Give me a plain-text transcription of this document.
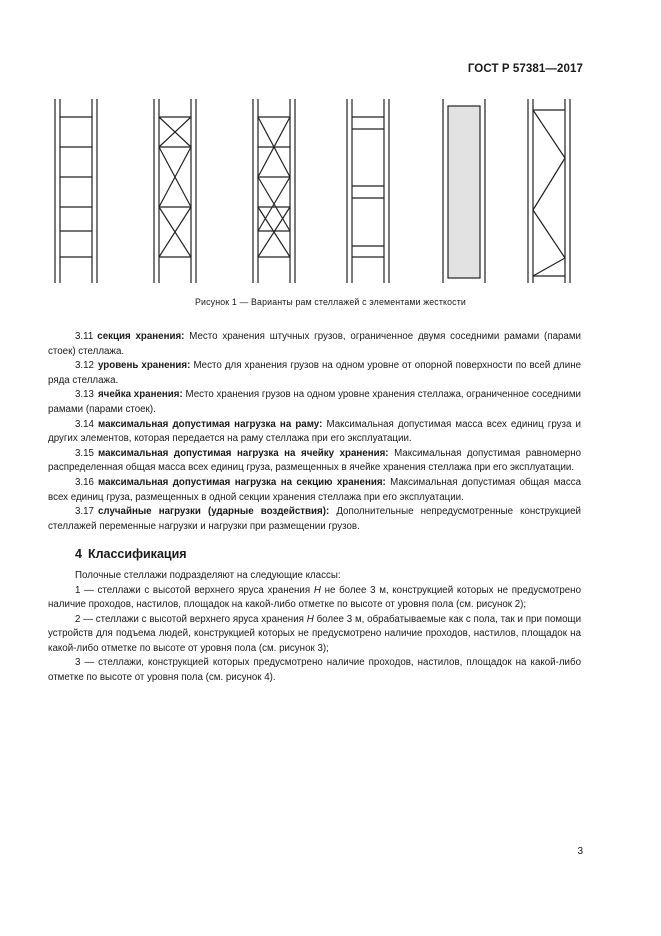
ГОСТ Р 57381—2017
Рисунок 1 — Варианты рам стеллажей с элементами жесткости

3.11 секция хранения: Место хранения штучных грузов, ограниченное двумя соседними рамами (парами стоек) стеллажа.

3.12 уровень хранения: Место для хранения грузов на одном уровне от опорной поверхности по всей длине ряда стеллажа.

3.13 ячейка хранения: Место хранения грузов на одном уровне хранения стеллажа, ограниченное соседними рамами (парами стоек).

3.14 максимальная допустимая нагрузка на раму: Максимальная допустимая масса всех единиц груза и других элементов, которая передается на раму стеллажа при его эксплуатации.

3.15 максимальная допустимая нагрузка на ячейку хранения: Максимальная допустимая равномерно распределенная общая масса всех единиц груза, размещенных в ячейке хранения стеллажа при его эксплуатации.

3.16 максимальная допустимая нагрузка на секцию хранения: Максимальная допустимая общая масса всех единиц груза, размещенных в одной секции хранения стеллажа при его эксплуатации.

3.17 случайные нагрузки (ударные воздействия): Дополнительные непредусмотренные конструкцией стеллажей переменные нагрузки и нагрузки при размещении грузов.

4 Классификация

Полочные стеллажи подразделяют на следующие классы:

1 — стеллажи с высотой верхнего яруса хранения H не более 3 м, конструкцией которых не предусмотрено наличие проходов, настилов, площадок на какой-либо отметке по высоте от уровня пола (см. рисунок 2);

2 — стеллажи с высотой верхнего яруса хранения H более 3 м, обрабатываемые как с пола, так и при помощи устройств для подъема людей, конструкцией которых не предусмотрено наличие проходов, настилов, площадок на какой-либо отметке по высоте от уровня пола (см. рисунок 3);

3 — стеллажи, конструкцией которых предусмотрено наличие проходов, настилов, площадок на какой-либо отметке по высоте от уровня пола (см. рисунок 4).

3
